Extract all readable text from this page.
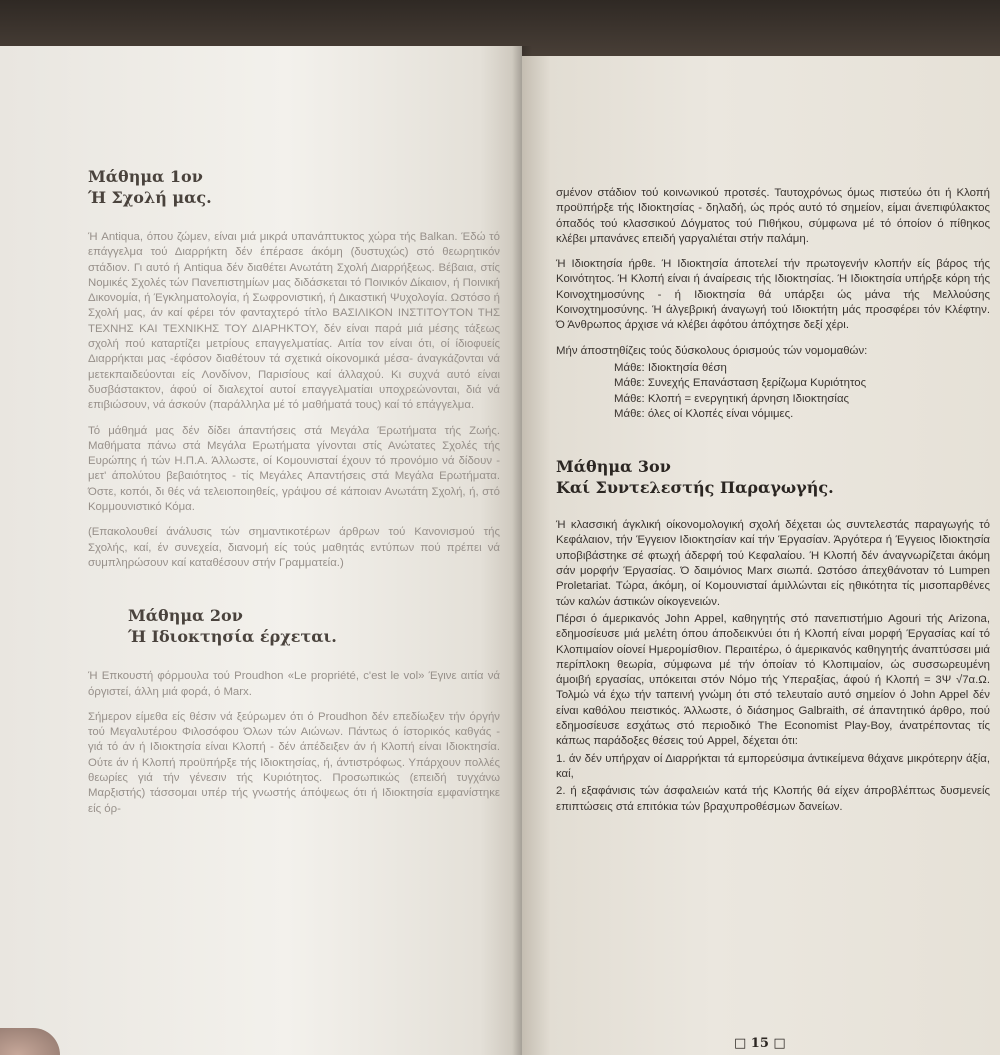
Μάθημα 1ον
Ή Σχολή μας.

Ή Antiqua, όπου ζώμεν, είναι μιά μικρά υπανάπτυκτος χώρα τής Balkan. Έδώ τό επάγγελμα τού Διαρρήκτη δέν έπέρασε άκόμη (δυστυχώς) στό θεωρητικόν στάδιον. Γι αυτό ή Antiqua δέν διαθέτει Ανωτάτη Σχολή Διαρρήξεως. Βέβαια, στίς Νομικές Σχολές τών Πανεπιστημίων μας διδάσκεται τό Ποινικόν Δίκαιον, ή Ποινική Δικονομία, ή Έγκληματολογία, ή Σωφρονιστική, ή Δικαστική Ψυχολογία. Ωστόσο ή Σχολή μας, άν καί φέρει τόν φανταχτερό τίτλο ΒΑΣΙΛΙΚΟΝ ΙΝΣΤΙΤΟΥΤΟΝ ΤΗΣ ΤΕΧΝΗΣ ΚΑΙ ΤΕΧΝΙΚΗΣ ΤΟΥ ΔΙΑΡΗΚΤΟΥ, δέν είναι παρά μιά μέσης τάξεως σχολή πού καταρτίζει μετρίους επαγγελματίας. Αιτία τον είναι ότι, οί ίδιοφυείς Διαρρήκται μας -έφόσον διαθέτουν τά σχετικά οίκονομικά μέσα- άναγκάζονται νά μετεκπαιδεύονται είς Λονδίνον, Παρισίους καί άλλαχού. Κι συχνά αυτό είναι δυσβάστακτον, άφού οί διαλεχτοί αυτοί επαγγελματίαι υποχρεώνονται, διά νά επιβιώσουν, νά άσκούν (παράλληλα μέ τό μαθήματά τους) καί τό επάγγελμα.

Τό μάθημά μας δέν δίδει άπαντήσεις στά Μεγάλα Έρωτήματα τής Ζωής. Μαθήματα πάνω στά Μεγάλα Ερωτήματα γίνονται στίς Ανώτατες Σχολές τής Ευρώπης ή τών Η.Π.Α. Άλλωστε, οί Κομουνισταί έχουν τό προνόμιο νά δίδουν - μετ' άπολύτου βεβαιότητος - τίς Μεγάλες Απαντήσεις στά Μεγάλα Ερωτήματα. Όστε, κοπόι, δι θές νά τελειοποιηθείς, γράψου σέ κάποιαν Ανωτάτη Σχολή, ή, στό Κομμουνιστικό Κόμα.

(Επακολουθεί άνάλυσις τών σημαντικοτέρων άρθρων τού Κανονισμού τής Σχολής, καί, έν συνεχεία, διανομή είς τούς μαθητάς εντύπων πού πρέπει νά συμπληρώσουν καί καταθέσουν στήν Γραμματεία.)

Μάθημα 2ον
Ή Ιδιοκτησία έρχεται.

Ή Επκουστή φόρμουλα τού Proudhon «Le propriété, c'est le vol» Έγινε αιτία νά όργιστεί, άλλη μιά φορά, ό Marx.

Σήμερον είμεθα είς θέσιν νά ξεύρωμεν ότι ό Proudhon δέν επεδίωξεν τήν όργήν τού Μεγαλυτέρου Φιλοσόφου Όλων τών Αιώνων. Πάντως ό ίστορικός καθγάς - γιά τό άν ή Ιδιοκτησία είναι Κλοπή - δέν άπέδειξεν άν ή Κλοπή είναι Ιδιοκτησία. Ούτε άν ή Κλοπή προϋπήρξε τής Ιδιοκτησίας, ή, άντιστρόφως. Υπάρχουν πολλές θεωρίες γιά τήν γένεσιν τής Κυριότητος. Προσωπικώς (επειδή τυγχάνω Μαρξιστής) τάσσομαι υπέρ τής γνωστής άπόψεως ότι ή Ιδιοκτησία εμφανίστηκε είς όρ-

σμένον στάδιον τού κοινωνικού προτσές. Ταυτοχρόνως όμως πιστεύω ότι ή Κλοπή προϋπήρξε τής Ιδιοκτησίας - δηλαδή, ώς πρός αυτό τό σημείον, είμαι άνεπιφύλακτος όπαδός τού κλασσικού Δόγματος τού Πιθήκου, σύμφωνα μέ τό όποίον ό πίθηκος κλέβει μπανάνες επειδή γαργαλιέται στήν παλάμη.

Ή Ιδιοκτησία ήρθε. Ή Ιδιοκτησία άποτελεί τήν πρωτογενήν κλοπήν είς βάρος τής Κοινότητος. Ή Κλοπή είναι ή άναίρεσις τής Ιδιοκτησίας. Ή Ιδιοκτησία υπήρξε κόρη τής Κοινοχτημοσύνης - ή Ιδιοκτησία θά υπάρξει ώς μάνα τής Μελλούσης Κοινοχτημοσύνης. Ή άλγεβρική άναγωγή τού Ιδιοκτήτη μάς προσφέρει τόν Κλέφτην. Ό Άνθρωπος άρχισε νά κλέβει άφότου άπόχτησε δεξί χέρι.

Μήν άποστηθίζεις τούς δύσκολους όρισμούς τών νομομαθών:

Μάθε: Ιδιοκτησία θέση
Μάθε: Συνεχής Επανάσταση ξερίζωμα Κυριότητος
Μάθε: Κλοπή = ενεργητική άρνηση Ιδιοκτησίας
Μάθε: όλες οί Κλοπές είναι νόμιμες.
Μάθημα 3ον
Καί Συντελεστής Παραγωγής.

Ή κλασσική άγκλική οίκονομολογική σχολή δέχεται ώς συντελεστάς παραγωγής τό Κεφάλαιον, τήν Έγγειον Ιδιοκτησίαν καί τήν Έργασίαν. Άργότερα ή Έγγειος Ιδιοκτησία υποβιβάστηκε σέ φτωχή άδερφή τού Κεφαλαίου. Ή Κλοπή δέν άναγνωρίζεται άκόμη σάν μορφήν Έργασίας. Ό δαιμόνιος Marx σιωπά. Ωστόσο άπεχθάνοταν τό Lumpen Proletariat. Τώρα, άκόμη, οί Κομουνισταί άμιλλώνται είς ηθικότητα τίς μισοπαρθένες τών καλών άστικών οίκογενειών.

Πέρσι ό άμερικανός John Appel, καθηγητής στό πανεπιστήμιο Agouri τής Arizona, εδημοσίευσε μιά μελέτη όπου άποδεικνύει ότι ή Κλοπή είναι μορφή Έργασίας καί τό Κλοπιμαίον οίονεί Ημερομίσθιον. Περαιτέρω, ό άμερικανός καθηγητής άναπτύσσει μιά περίπλοκη θεωρία, σύμφωνα μέ τήν όποίαν τό Κλοπιμαίον, ώς συσσωρευμένη άμοιβή εργασίας, υπόκειται στόν Νόμο τής Υπεραξίας, άφού ή Κλοπή = 3Ψ √7α.Ω. Τολμώ νά έχω τήν ταπεινή γνώμη ότι στό τελευταίο αυτό σημείον ό John Appel δέν είναι καθόλου πειστικός. Άλλωστε, ό διάσημος Galbraith, σέ άπαντητικό άρθρο, πού εδημοσίευσε εσχάτως στό περιοδικό The Economist Play-Boy, άνατρέποντας τίς κάπως παράδοξες θέσεις τού Appel, δέχεται ότι:

1. άν δέν υπήρχαν οί Διαρρήκται τά εμπορεύσιμα άντικείμενα θάχανε μικρότερην άξία, καί,

2. ή εξαφάνισις τών άσφαλειών κατά τής Κλοπής θά είχεν άπροβλέπτως δυσμενείς επιπτώσεις στά επιτόκια τών βραχυπροθέσμων δανείων.

□ 15 □
